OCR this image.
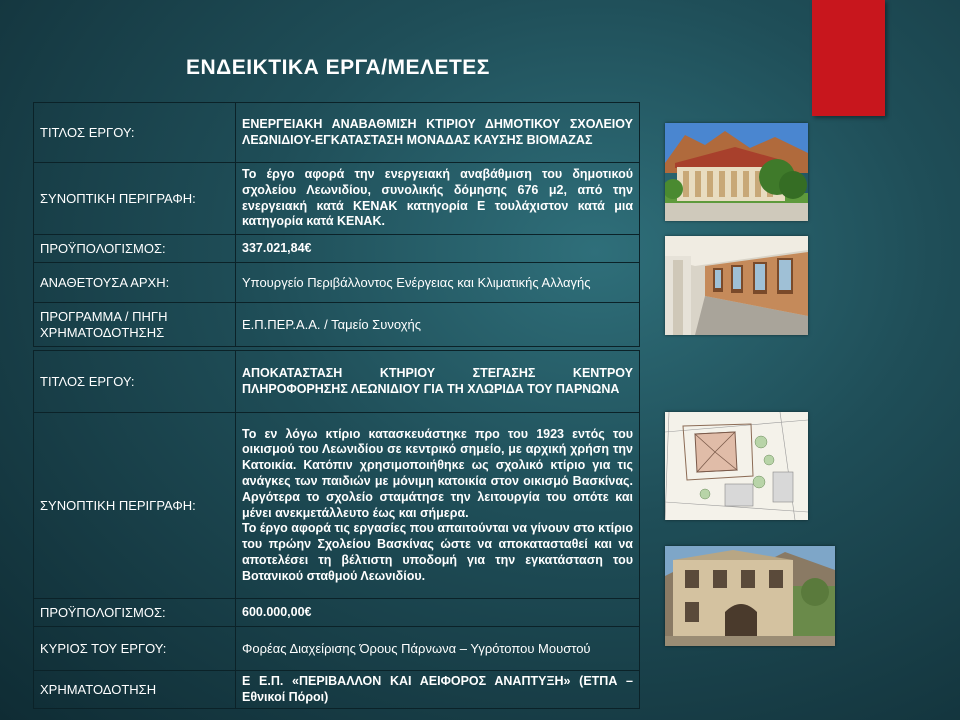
ΕΝΔΕΙΚΤΙΚΑ ΕΡΓΑ/ΜΕΛΕΤΕΣ
ΤΙΤΛΟΣ ΕΡΓΟΥ:	ΕΝΕΡΓΕΙΑΚΗ ΑΝΑΒΑΘΜΙΣΗ ΚΤΙΡΙΟΥ ΔΗΜΟΤΙΚΟΥ ΣΧΟΛΕΙΟΥ ΛΕΩΝΙΔΙΟΥ-ΕΓΚΑΤΑΣΤΑΣΗ ΜΟΝΑΔΑΣ ΚΑΥΣΗΣ ΒΙΟΜΑΖΑΣ
ΣΥΝΟΠΤΙΚΗ ΠΕΡΙΓΡΑΦΗ:	Το έργο αφορά την ενεργειακή αναβάθμιση του δημοτικού σχολείου Λεωνιδίου, συνολικής δόμησης 676 μ2, από την ενεργειακή κατά ΚΕΝΑΚ κατηγορία Ε τουλάχιστον κατά μια κατηγορία κατά ΚΕΝΑΚ.
ΠΡΟΫΠΟΛΟΓΙΣΜΟΣ:	337.021,84€
ΑΝΑΘΕΤΟΥΣΑ ΑΡΧΗ:	Υπουργείο Περιβάλλοντος Ενέργειας και Κλιματικής Αλλαγής
ΠΡΟΓΡΑΜΜΑ / ΠΗΓΗ ΧΡΗΜΑΤΟΔΟΤΗΣΗΣ	Ε.Π.ΠΕΡ.Α.Α. / Ταμείο Συνοχής
ΤΙΤΛΟΣ ΕΡΓΟΥ:	ΑΠΟΚΑΤΑΣΤΑΣΗ ΚΤΗΡΙΟΥ ΣΤΕΓΑΣΗΣ ΚΕΝΤΡΟΥ ΠΛΗΡΟΦΟΡΗΣΗΣ ΛΕΩΝΙΔΙΟΥ ΓΙΑ ΤΗ ΧΛΩΡΙΔΑ ΤΟΥ ΠΑΡΝΩΝΑ
ΣΥΝΟΠΤΙΚΗ ΠΕΡΙΓΡΑΦΗ:	Το εν λόγω κτίριο κατασκευάστηκε προ του 1923 εντός του οικισμού του Λεωνιδίου σε κεντρικό σημείο, με αρχική χρήση την Κατοικία. Κατόπιν χρησιμοποιήθηκε ως σχολικό κτίριο για τις ανάγκες των παιδιών με μόνιμη κατοικία στον οικισμό Βασκίνας. Αργότερα το σχολείο σταμάτησε την λειτουργία του οπότε και μένει ανεκμετάλλευτο έως και σήμερα.
Το έργο αφορά τις εργασίες που απαιτούνται να γίνουν στο κτίριο του πρώην Σχολείου Βασκίνας ώστε να αποκατασταθεί και να αποτελέσει τη βέλτιστη υποδομή για την εγκατάσταση του Βοτανικού σταθμού Λεωνιδίου.

ΠΡΟΫΠΟΛΟΓΙΣΜΟΣ:	600.000,00€
ΚΥΡΙΟΣ ΤΟΥ ΕΡΓΟΥ:	Φορέας Διαχείρισης Όρους Πάρνωνα – Υγρότοπου Μουστού
ΧΡΗΜΑΤΟΔΟΤΗΣΗ	Ε Ε.Π. «ΠΕΡΙΒΑΛΛΟΝ ΚΑΙ ΑΕΙΦΟΡΟΣ ΑΝΑΠΤΥΞΗ» (ΕΤΠΑ – Εθνικοί Πόροι)
